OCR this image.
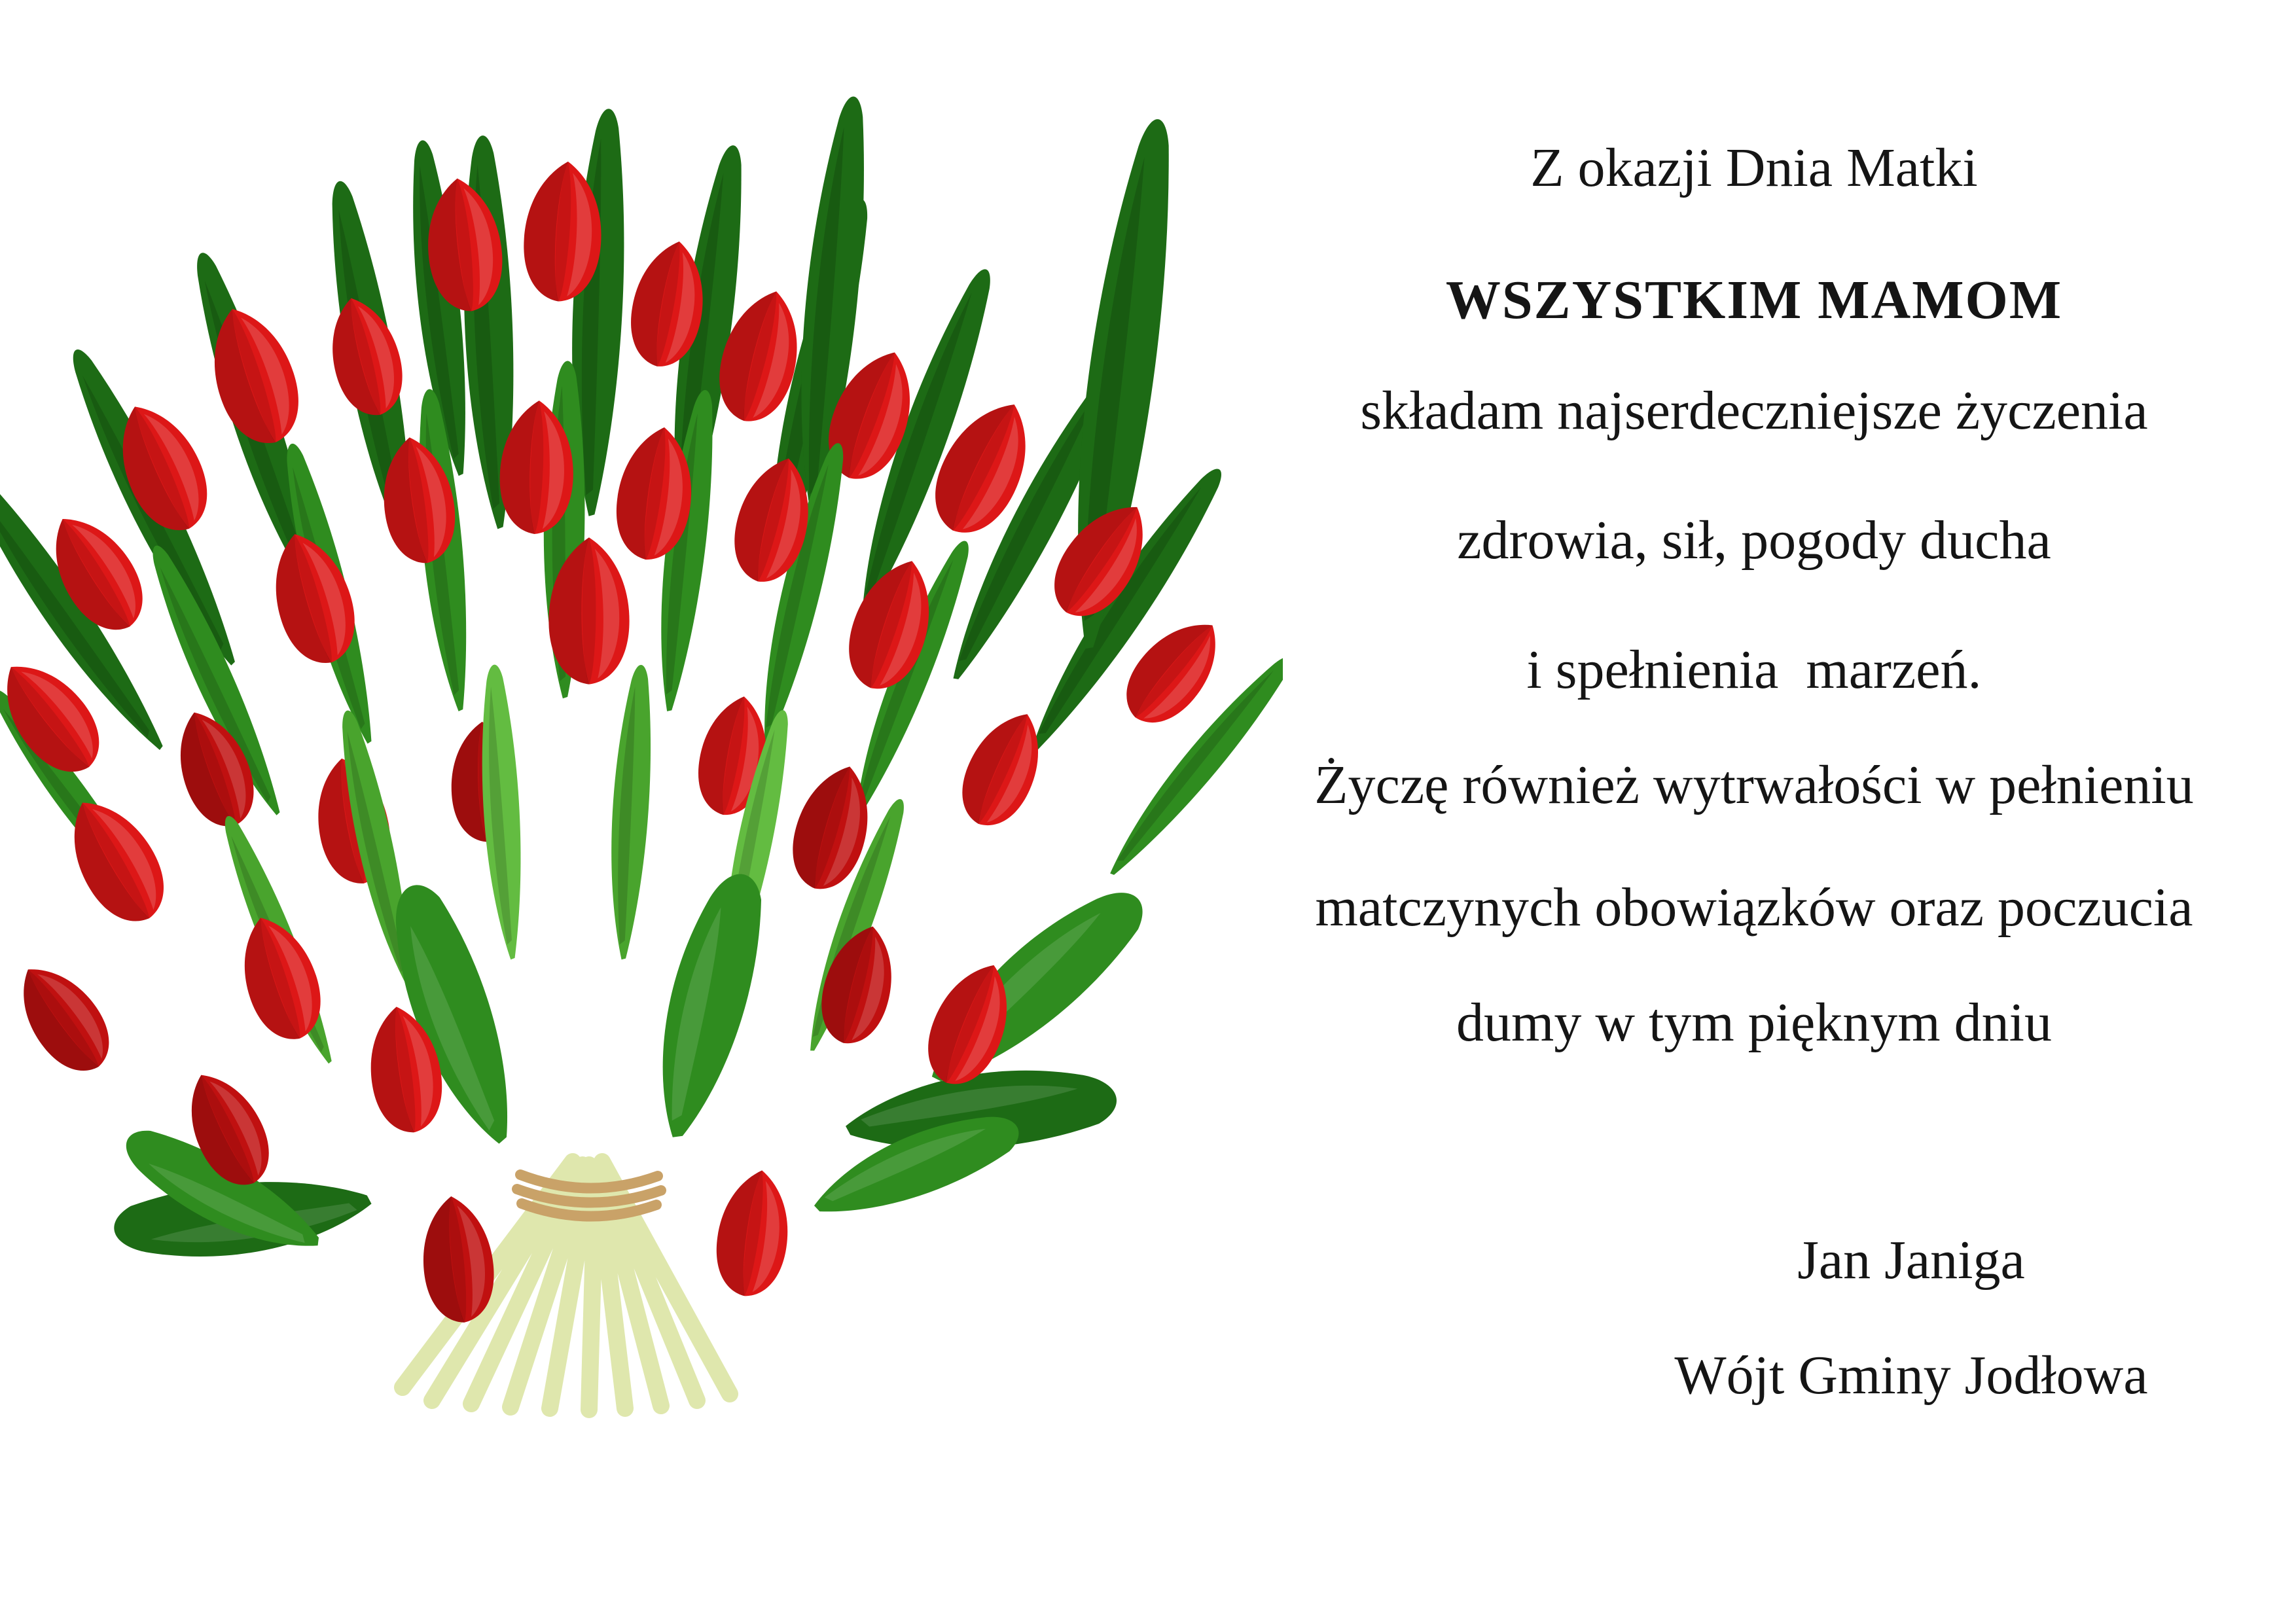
Z okazji Dnia Matki

WSZYSTKIM MAMOM

składam najserdeczniejsze życzenia

zdrowia, sił, pogody ducha

i spełnienia  marzeń.

Życzę również wytrwałości w pełnieniu

matczynych obowiązków oraz poczucia

dumy w tym pięknym dniu

Jan Janiga

Wójt Gminy Jodłowa
